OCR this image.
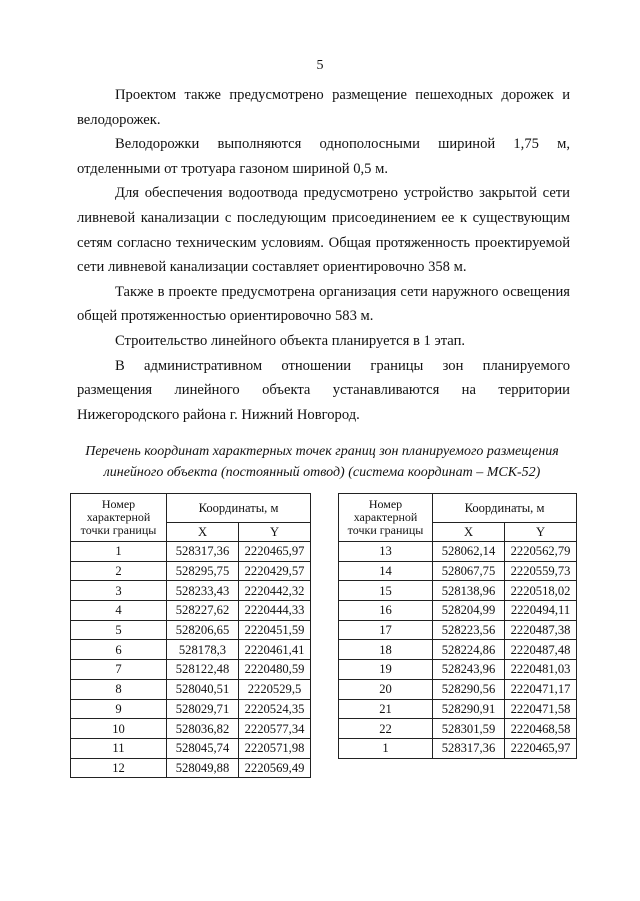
5

Проектом также предусмотрено размещение пешеходных дорожек и велодорожек.

Велодорожки выполняются однополосными шириной 1,75 м, отделенными от тротуара газоном шириной 0,5 м.

Для обеспечения водоотвода предусмотрено устройство закрытой сети ливневой канализации с последующим присоединением ее к существующим сетям согласно техническим условиям. Общая протяженность проектируемой сети ливневой канализации составляет ориентировочно 358 м.

Также в проекте предусмотрена организация сети наружного освещения общей протяженностью ориентировочно 583 м.

Строительство линейного объекта планируется в 1 этап.

В административном отношении границы зон планируемого размещения линейного объекта устанавливаются на территории Нижегородского района г. Нижний Новгород.

Перечень координат характерных точек границ зон планируемого размещения
линейного объекта (постоянный отвод) (система координат – МСК-52)
Номер характерной точки границы	Координаты, м	
	X	Y
1	528317,36	2220465,97
2	528295,75	2220429,57
3	528233,43	2220442,32
4	528227,62	2220444,33
5	528206,65	2220451,59
6	528178,3	2220461,41
7	528122,48	2220480,59
8	528040,51	2220529,5
9	528029,71	2220524,35
10	528036,82	2220577,34
11	528045,74	2220571,98
12	528049,88	2220569,49
Номер характерной точки границы	Координаты, м	
	X	Y
13	528062,14	2220562,79
14	528067,75	2220559,73
15	528138,96	2220518,02
16	528204,99	2220494,11
17	528223,56	2220487,38
18	528224,86	2220487,48
19	528243,96	2220481,03
20	528290,56	2220471,17
21	528290,91	2220471,58
22	528301,59	2220468,58
1	528317,36	2220465,97
